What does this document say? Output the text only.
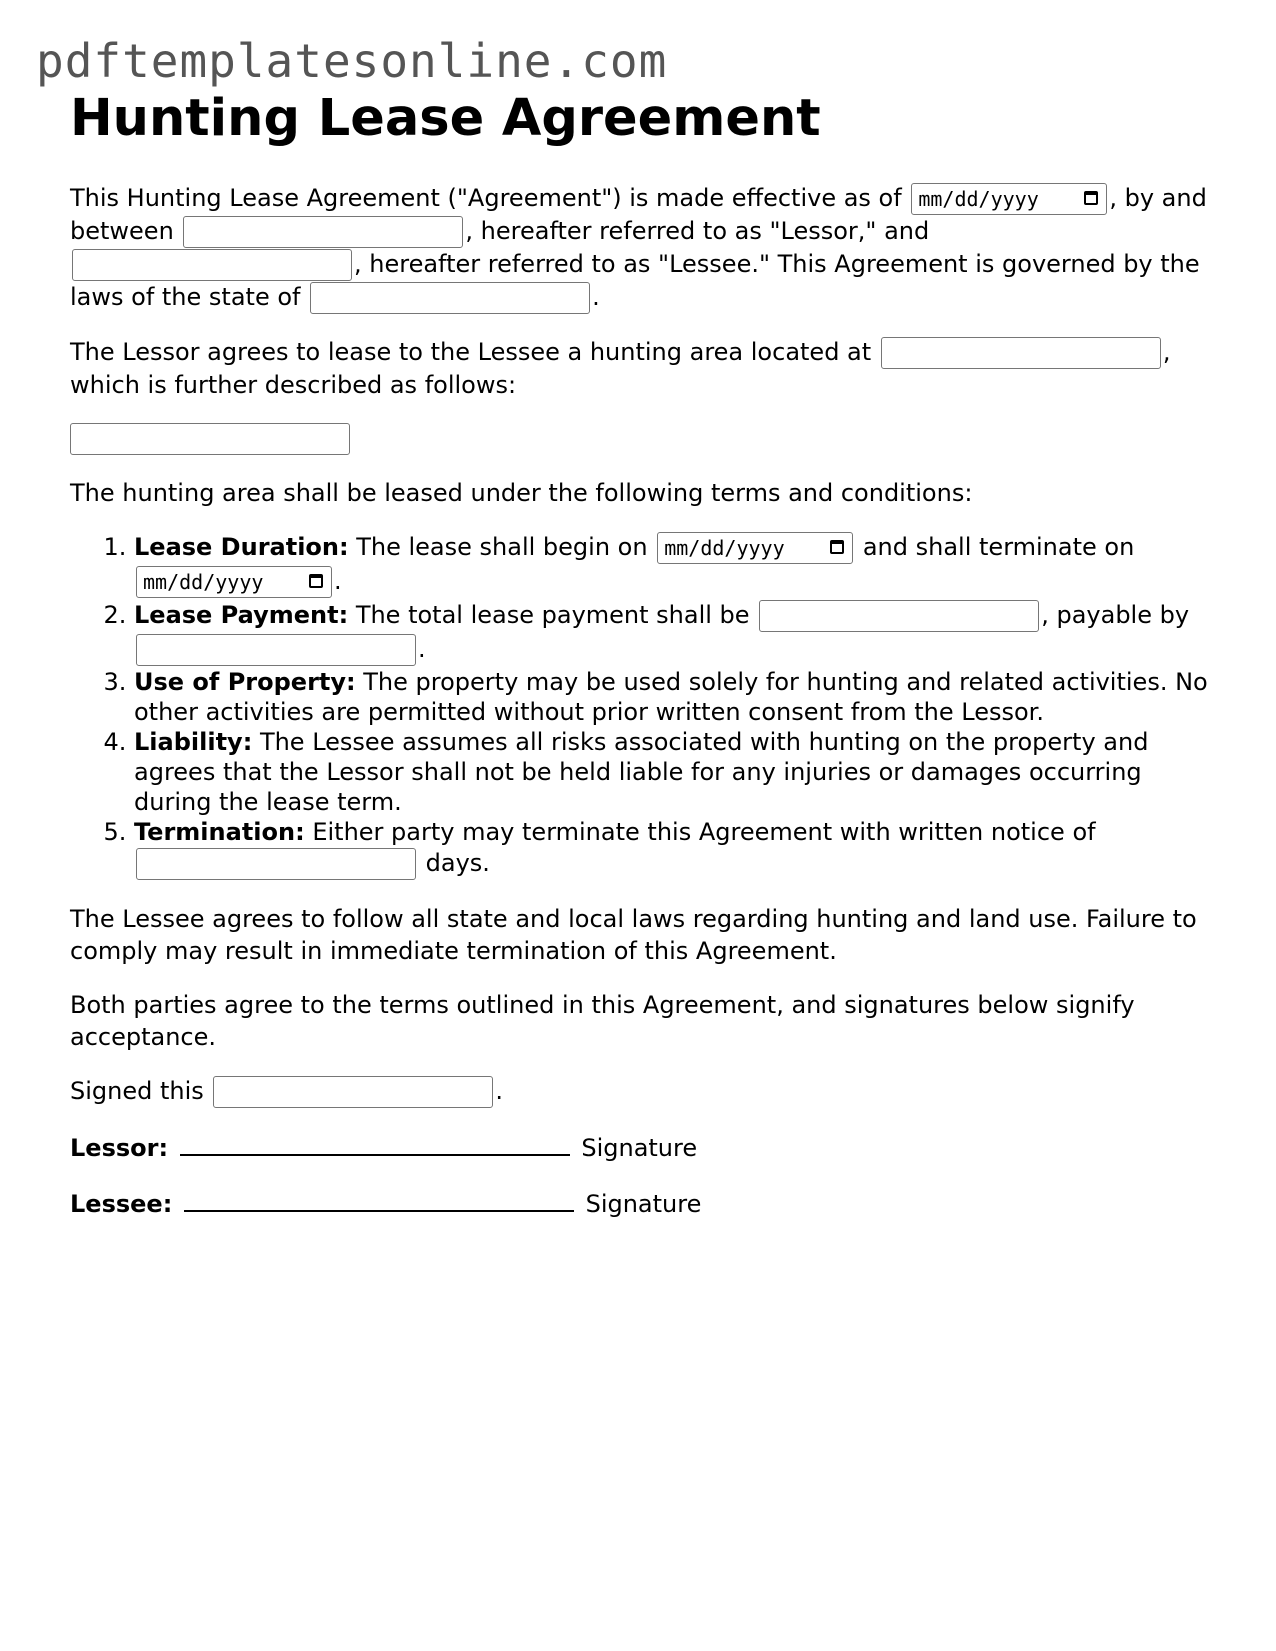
pdftemplatesonline.com
Hunting Lease Agreement

This Hunting Lease Agreement ("Agreement") is made effective as of mm/dd/yyyy	, by and between	, hereafter referred to as "Lessor," and , hereafter referred to as "Lessee." This Agreement is governed by the laws of the state of	.

The Lessor agrees to lease to the Lessee a hunting area located at	, which is further described as follows:

The hunting area shall be leased under the following terms and conditions:

1. Lease Duration: The lease shall begin on mm/dd/yyyy	and shall terminate on mm/dd/yyyy	.
2. Lease Payment: The total lease payment shall be	, payable by .
3. Use of Property: The property may be used solely for hunting and related activities. No other activities are permitted without prior written consent from the Lessor.
4. Liability: The Lessee assumes all risks associated with hunting on the property and agrees that the Lessor shall not be held liable for any injuries or damages occurring during the lease term.
5. Termination: Either party may terminate this Agreement with written notice of  days.

The Lessee agrees to follow all state and local laws regarding hunting and land use. Failure to comply may result in immediate termination of this Agreement.

Both parties agree to the terms outlined in this Agreement, and signatures below signify acceptance.

Signed this	.

Lessor:	Signature
Lessee:	Signature
